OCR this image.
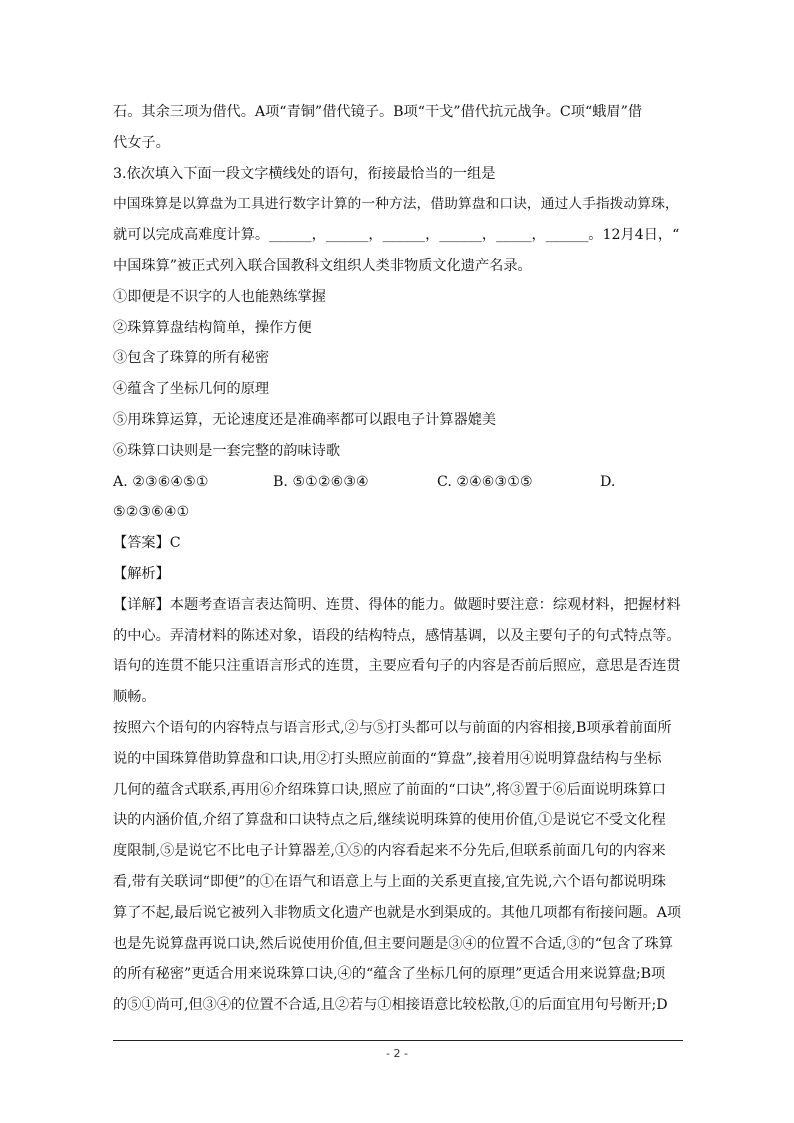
石。其余三项为借代。A项“青铜”借代镜子。B项“干戈”借代抗元战争。C项“蛾眉”借

代女子。

3.依次填入下面一段文字横线处的语句，衔接最恰当的一组是

中国珠算是以算盘为工具进行数字计算的一种方法，借助算盘和口诀，通过人手指拨动算珠，

就可以完成高难度计算。______，______，______，______，_____，______。12月4日，“

中国珠算”被正式列入联合国教科文组织人类非物质文化遗产名录。

①即便是不识字的人也能熟练掌握

②珠算算盘结构简单，操作方便

③包含了珠算的所有秘密

④蕴含了坐标几何的原理

⑤用珠算运算，无论速度还是准确率都可以跟电子计算器媲美

⑥珠算口诀则是一套完整的韵味诗歌

A. ②③⑥④⑤①	B. ⑤①②⑥③④	C. ②④⑥③①⑤	D.

⑤②③⑥④①

【答案】C

【解析】

【详解】本题考查语言表达简明、连贯、得体的能力。做题时要注意：综观材料，把握材料

的中心。弄清材料的陈述对象，语段的结构特点，感情基调，以及主要句子的句式特点等。

语句的连贯不能只注重语言形式的连贯，主要应看句子的内容是否前后照应，意思是否连贯

顺畅。

按照六个语句的内容特点与语言形式,②与⑤打头都可以与前面的内容相接,B项承着前面所

说的中国珠算借助算盘和口诀,用②打头照应前面的“算盘”,接着用④说明算盘结构与坐标

几何的蕴含式联系,再用⑥介绍珠算口诀,照应了前面的“口诀”,将③置于⑥后面说明珠算口

诀的内涵价值,介绍了算盘和口诀特点之后,继续说明珠算的使用价值,①是说它不受文化程

度限制,⑤是说它不比电子计算器差,①⑤的内容看起来不分先后,但联系前面几句的内容来

看,带有关联词“即便”的①在语气和语意上与上面的关系更直接,宜先说,六个语句都说明珠

算了不起,最后说它被列入非物质文化遗产也就是水到渠成的。其他几项都有衔接问题。A项

也是先说算盘再说口诀,然后说使用价值,但主要问题是③④的位置不合适,③的“包含了珠算

的所有秘密”更适合用来说珠算口诀,④的“蕴含了坐标几何的原理”更适合用来说算盘;B项

的⑤①尚可,但③④的位置不合适,且②若与①相接语意比较松散,①的后面宜用句号断开;D

- 2 -
